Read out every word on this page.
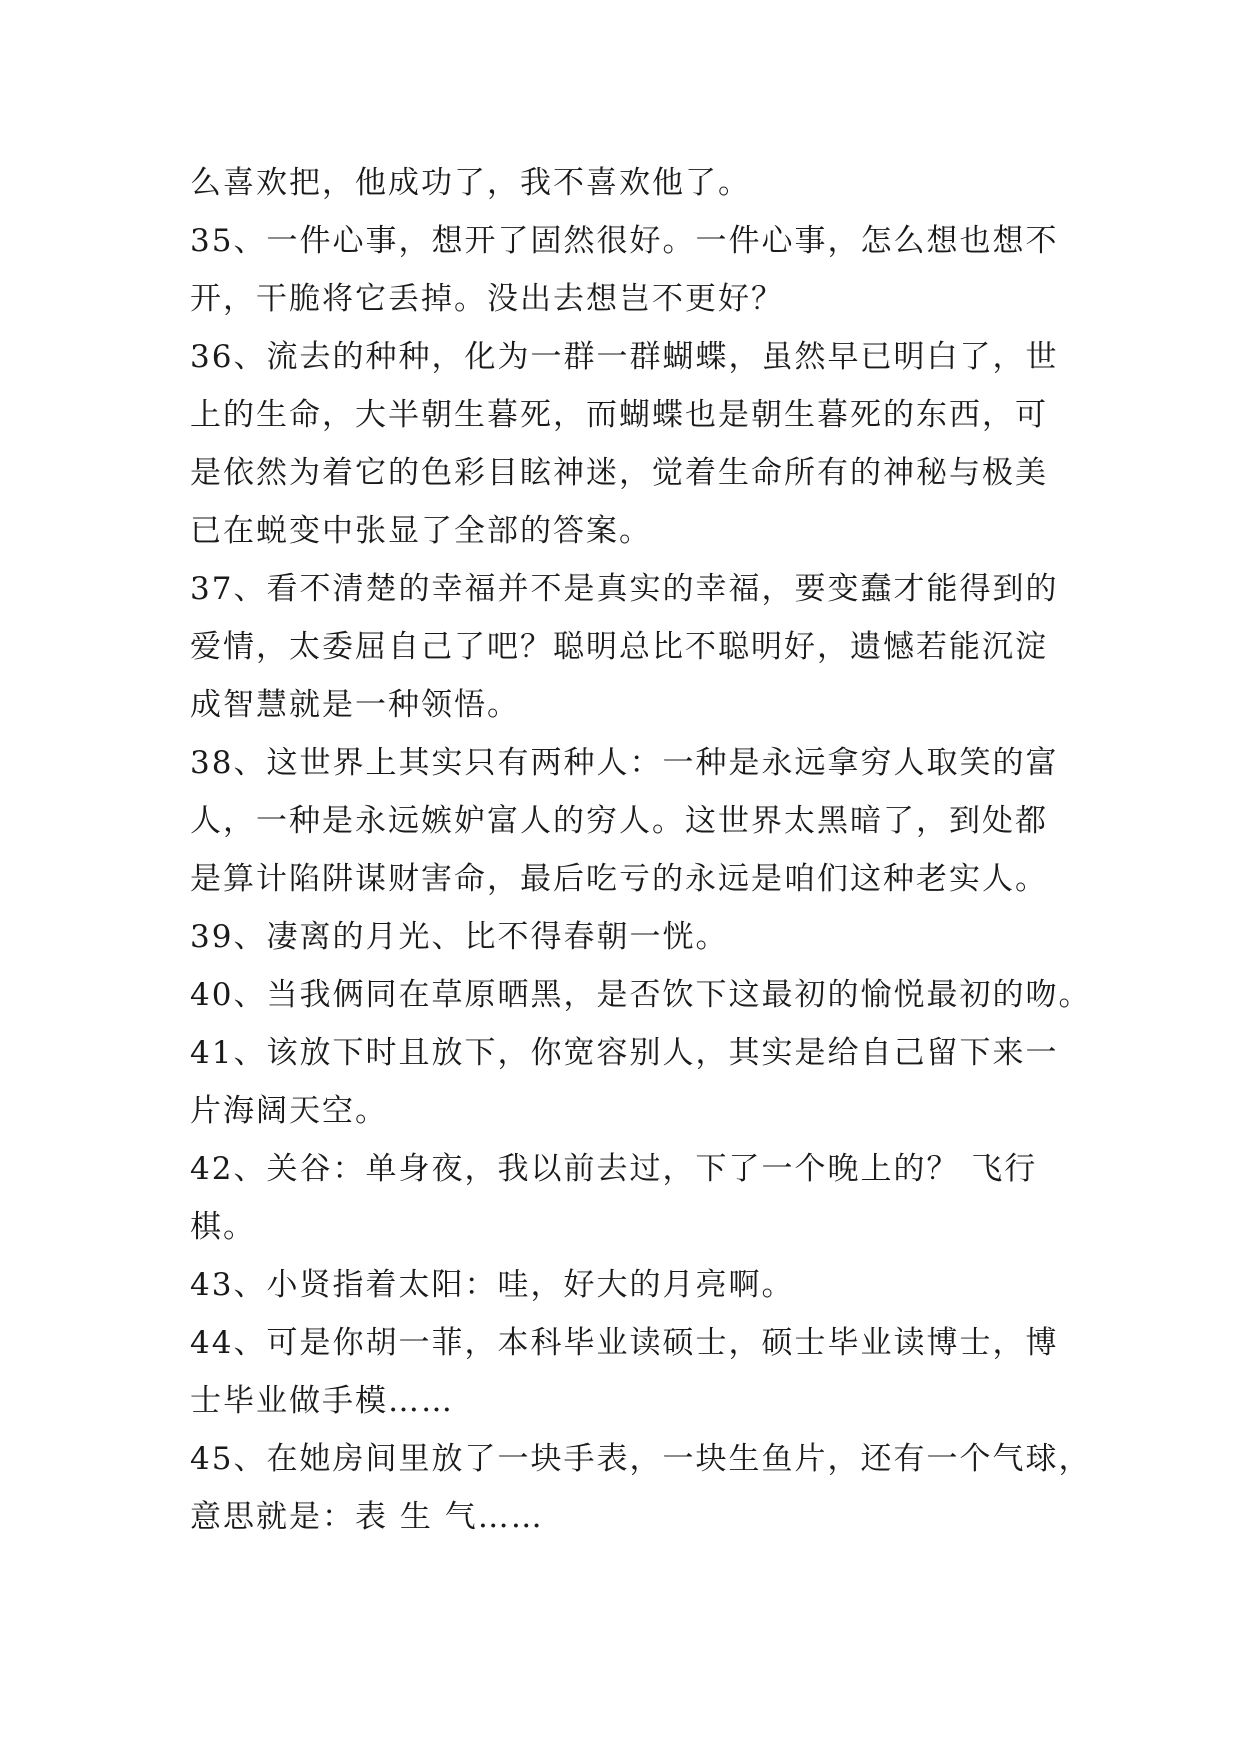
么喜欢把，他成功了，我不喜欢他了。
35、一件心事，想开了固然很好。一件心事，怎么想也想不
开，干脆将它丢掉。没出去想岂不更好？
36、流去的种种，化为一群一群蝴蝶，虽然早已明白了，世
上的生命，大半朝生暮死，而蝴蝶也是朝生暮死的东西，可
是依然为着它的色彩目眩神迷，觉着生命所有的神秘与极美
已在蜕变中张显了全部的答案。
37、看不清楚的幸福并不是真实的幸福，要变蠢才能得到的
爱情，太委屈自己了吧？聪明总比不聪明好，遗憾若能沉淀
成智慧就是一种领悟。
38、这世界上其实只有两种人：一种是永远拿穷人取笑的富
人，一种是永远嫉妒富人的穷人。这世界太黑暗了，到处都
是算计陷阱谋财害命，最后吃亏的永远是咱们这种老实人。
39、凄离的月光、比不得春朝一恍。
40、当我俩同在草原晒黑，是否饮下这最初的愉悦最初的吻。
41、该放下时且放下，你宽容别人，其实是给自己留下来一
片海阔天空。
42、关谷：单身夜，我以前去过，下了一个晚上的？ 飞行
棋。
43、小贤指着太阳：哇，好大的月亮啊。
44、可是你胡一菲，本科毕业读硕士，硕士毕业读博士，博
士毕业做手模……
45、在她房间里放了一块手表，一块生鱼片，还有一个气球，
意思就是：表 生 气……
